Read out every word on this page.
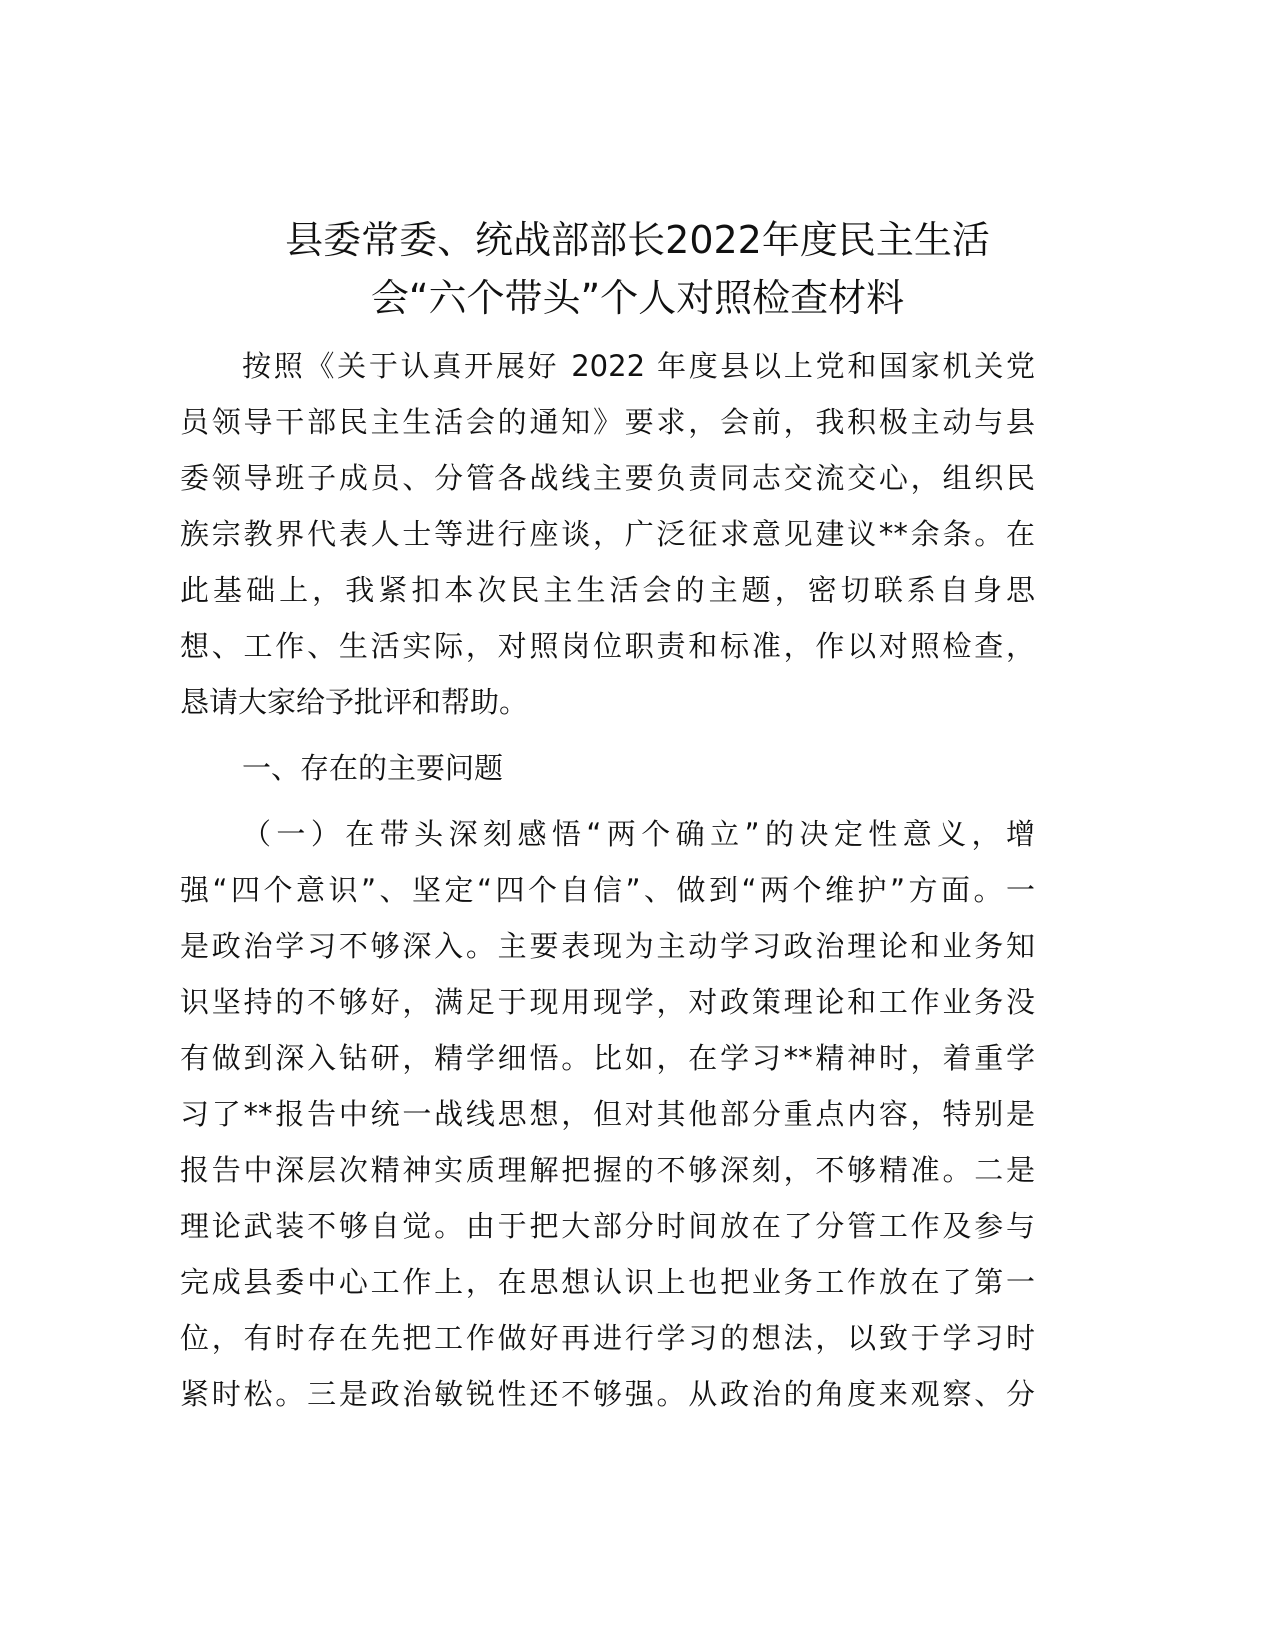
县委常委、统战部部长2022年度民主生活
会“六个带头”个人对照检查材料
按照《关于认真开展好 2022 年度县以上党和国家机关党
员领导干部民主生活会的通知》要求，会前，我积极主动与县
委领导班子成员、分管各战线主要负责同志交流交心，组织民
族宗教界代表人士等进行座谈，广泛征求意见建议**余条。在
此基础上，我紧扣本次民主生活会的主题，密切联系自身思
想、工作、生活实际，对照岗位职责和标准，作以对照检查，
恳请大家给予批评和帮助。
一、存在的主要问题
（一）在带头深刻感悟“两个确立”的决定性意义，增
强“四个意识”、坚定“四个自信”、做到“两个维护”方面。一
是政治学习不够深入。主要表现为主动学习政治理论和业务知
识坚持的不够好，满足于现用现学，对政策理论和工作业务没
有做到深入钻研，精学细悟。比如，在学习**精神时，着重学
习了**报告中统一战线思想，但对其他部分重点内容，特别是
报告中深层次精神实质理解把握的不够深刻，不够精准。二是
理论武装不够自觉。由于把大部分时间放在了分管工作及参与
完成县委中心工作上，在思想认识上也把业务工作放在了第一
位，有时存在先把工作做好再进行学习的想法，以致于学习时
紧时松。三是政治敏锐性还不够强。从政治的角度来观察、分
